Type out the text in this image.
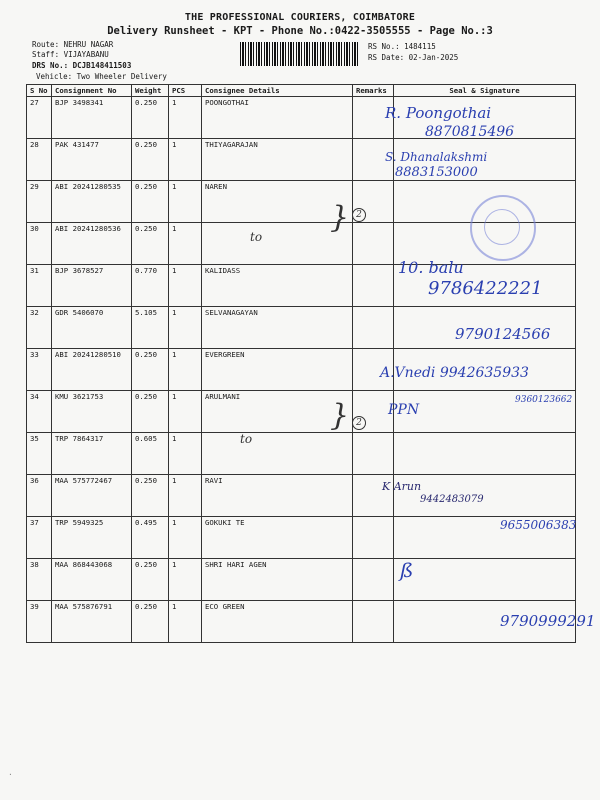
THE PROFESSIONAL COURIERS, COIMBATORE
Delivery Runsheet - KPT - Phone No.:0422-3505555 - Page No.:3
Route: NEHRU NAGAR
Staff: VIJAYABANU
DRS No.: DCJB148411503
Vehicle: Two Wheeler Delivery
RS No.: 1484115
RS Date: 02-Jan-2025
S No	Consignment No	Weight	PCS	Consignee Details	Remarks	Seal & Signature
27	BJP 3498341	0.250	1	POONGOTHAI		
28	PAK 431477	0.250	1	THIYAGARAJAN		
29	ABI 20241280535	0.250	1	NAREN		
30	ABI 20241280536	0.250	1			
31	BJP 3678527	0.770	1	KALIDASS		
32	GDR 5406070	5.105	1	SELVANAGAYAN		
33	ABI 20241280510	0.250	1	EVERGREEN		
34	KMU 3621753	0.250	1	ARULMANI		
35	TRP 7864317	0.605	1			
36	MAA 575772467	0.250	1	RAVI		
37	TRP 5949325	0.495	1	GOKUKI TE		
38	MAA 868443068	0.250	1	SHRI HARI AGEN		
39	MAA 575876791	0.250	1	ECO GREEN		
R. Poongothai
8870815496
S. Dhanalakshmi
8883153000
} 2
to
10. balu
9786422221
9790124566
A.Vnedi 9942635933
} 2
PPN
9360123662
to
K Arun
9442483079
9655006383
ß
9790999291
·
